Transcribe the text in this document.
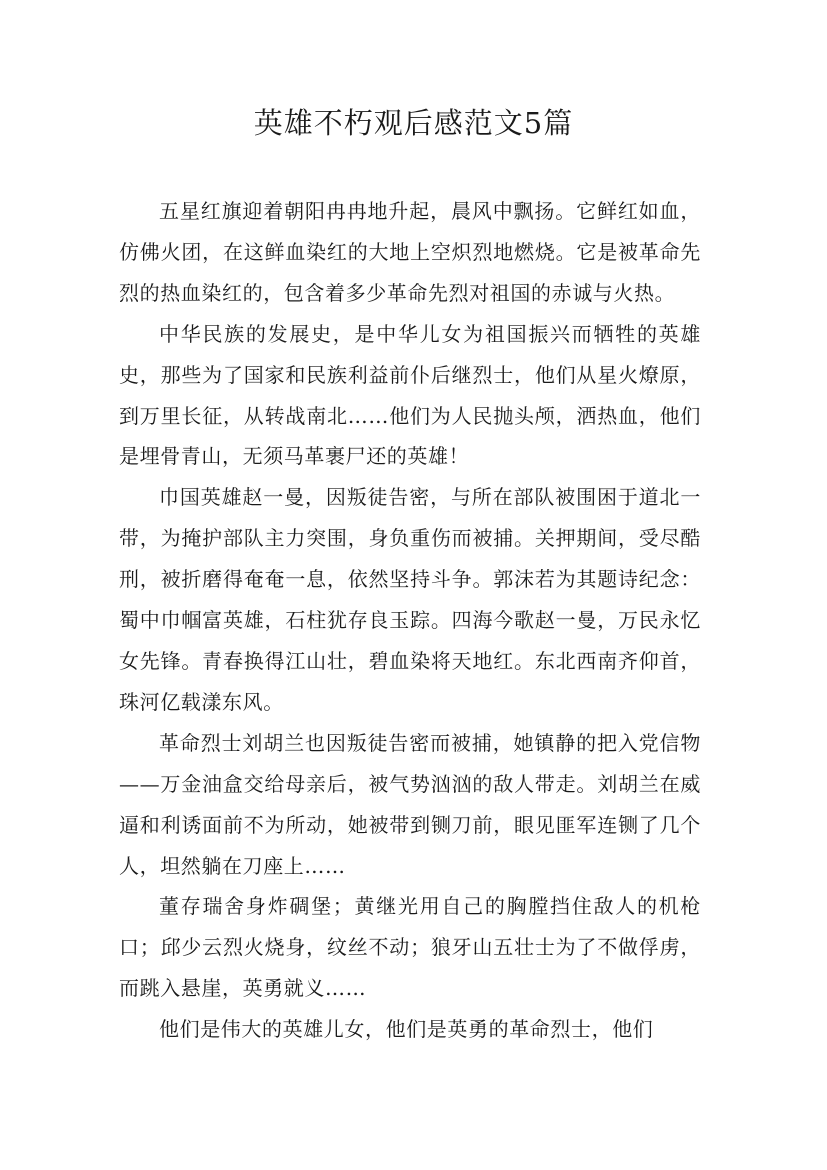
英雄不朽观后感范文5篇

五星红旗迎着朝阳冉冉地升起，晨风中飘扬。它鲜红如血，仿佛火团，在这鲜血染红的大地上空炽烈地燃烧。它是被革命先烈的热血染红的，包含着多少革命先烈对祖国的赤诚与火热。

中华民族的发展史，是中华儿女为祖国振兴而牺牲的英雄史，那些为了国家和民族利益前仆后继烈士，他们从星火燎原，到万里长征，从转战南北……他们为人民抛头颅，洒热血，他们是埋骨青山，无须马革裹尸还的英雄！

巾国英雄赵一曼，因叛徒告密，与所在部队被围困于道北一带，为掩护部队主力突围，身负重伤而被捕。关押期间，受尽酷刑，被折磨得奄奄一息，依然坚持斗争。郭沫若为其题诗纪念：蜀中巾帼富英雄，石柱犹存良玉踪。四海今歌赵一曼，万民永忆女先锋。青春换得江山壮，碧血染将天地红。东北西南齐仰首，珠河亿载漾东风。

革命烈士刘胡兰也因叛徒告密而被捕，她镇静的把入党信物——万金油盒交给母亲后，被气势汹汹的敌人带走。刘胡兰在威逼和利诱面前不为所动，她被带到铡刀前，眼见匪军连铡了几个人，坦然躺在刀座上……

董存瑞舍身炸碉堡；黄继光用自己的胸膛挡住敌人的机枪口；邱少云烈火烧身，纹丝不动；狼牙山五壮士为了不做俘虏，而跳入悬崖，英勇就义……

他们是伟大的英雄儿女，他们是英勇的革命烈士，他们
